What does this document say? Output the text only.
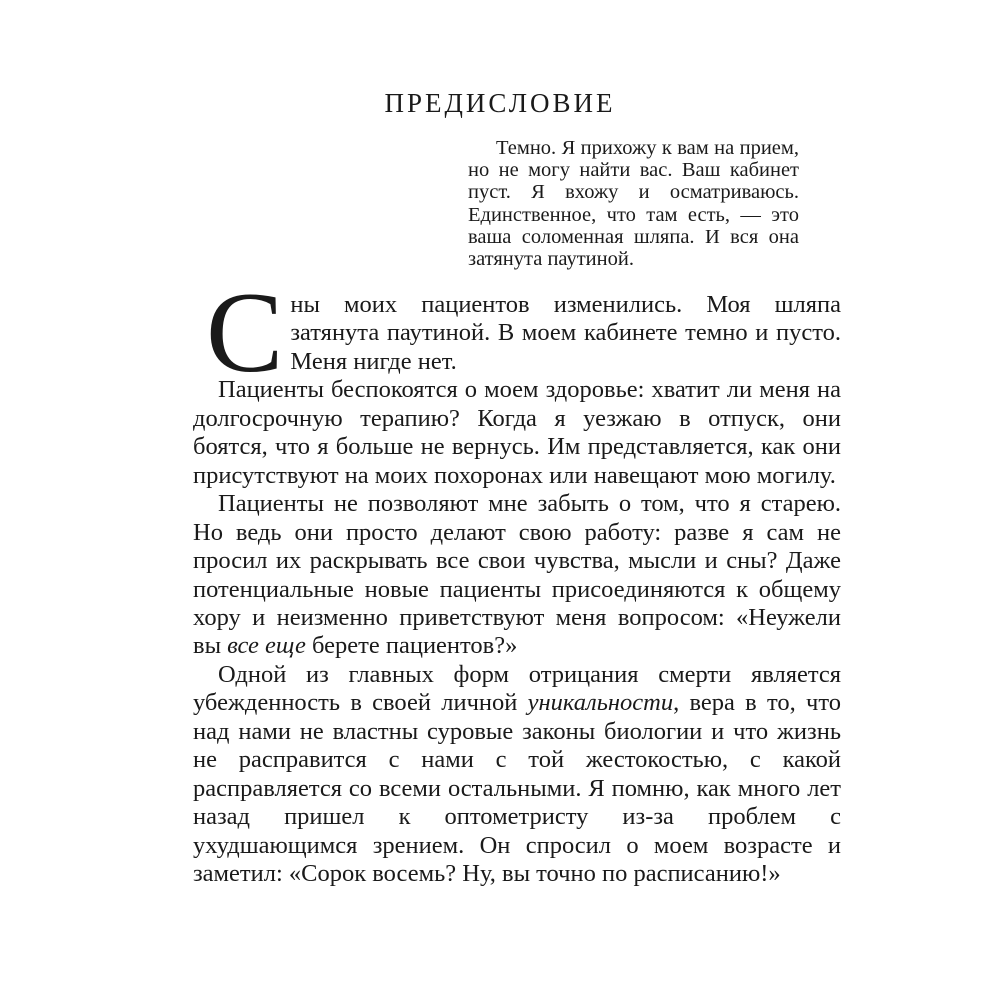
ПРЕДИСЛОВИЕ
Темно. Я прихожу к вам на прием, но не могу найти вас. Ваш кабинет пуст. Я вхожу и осматриваюсь. Единственное, что там есть, — это ваша соломенная шляпа. И вся она затянута паутиной.

Сны моих пациентов изменились. Моя шляпа затянута паутиной. В моем кабинете темно и пусто. Меня нигде нет.

Пациенты беспокоятся о моем здоровье: хватит ли меня на долгосрочную терапию? Когда я уезжаю в отпуск, они боятся, что я больше не вернусь. Им представляется, как они присутствуют на моих похоронах или навещают мою могилу.

Пациенты не позволяют мне забыть о том, что я старею. Но ведь они просто делают свою работу: разве я сам не просил их раскрывать все свои чувства, мысли и сны? Даже потенциальные новые пациенты присоединяются к общему хору и неизменно приветствуют меня вопросом: «Неужели вы все еще берете пациентов?»

Одной из главных форм отрицания смерти является убежденность в своей личной уникальности, вера в то, что над нами не властны суровые законы биологии и что жизнь не расправится с нами с той жестокостью, с какой расправляется со всеми остальными. Я помню, как много лет назад пришел к оптометристу из-за проблем с ухудшающимся зрением. Он спросил о моем возрасте и заметил: «Сорок восемь? Ну, вы точно по расписанию!»
